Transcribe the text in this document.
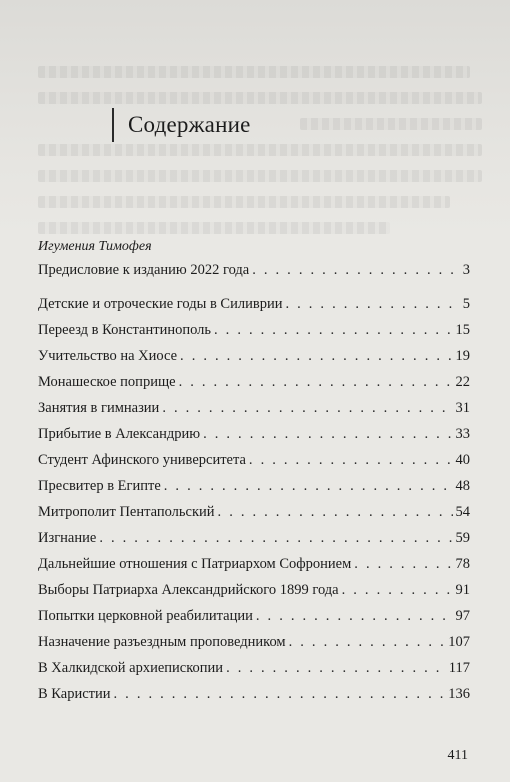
Содержание
Игумения Тимофея
Предисловие к изданию 2022 года . . .	3
Детские и отроческие годы в Силиврии . . .	5
Переезд в Константинополь . . .	15
Учительство на Хиосе . . .	19
Монашеское поприще . . .	22
Занятия в гимназии . . .	31
Прибытие в Александрию . . .	33
Студент Афинского университета . . .	40
Пресвитер в Египте . . .	48
Митрополит Пентапольский . . .	54
Изгнание . . .	59
Дальнейшие отношения с Патриархом Софронием . . .	78
Выборы Патриарха Александрийского 1899 года . . .	91
Попытки церковной реабилитации . . .	97
Назначение разъездным проповедником . . .	107
В Халкидской архиепископии . . .	117
В Каристии . . .	136
411
